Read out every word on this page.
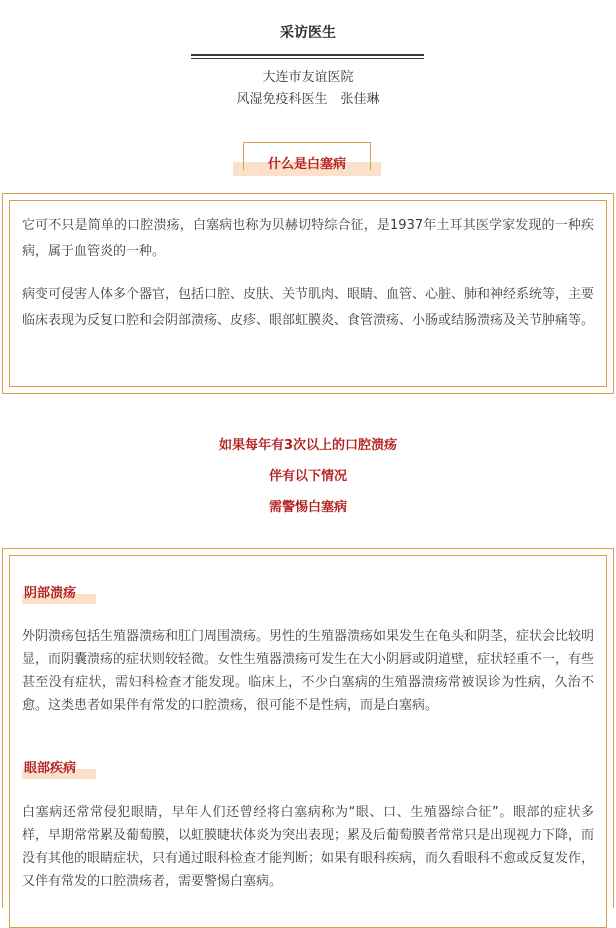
采访医生
大连市友谊医院
风湿免疫科医生　张佳琳
什么是白塞病

它可不只是简单的口腔溃疡，白塞病也称为贝赫切特综合征，是1937年土耳其医学家发现的一种疾病，属于血管炎的一种。

病变可侵害人体多个器官，包括口腔、皮肤、关节肌肉、眼睛、血管、心脏、肺和神经系统等，主要临床表现为反复口腔和会阴部溃疡、皮疹、眼部虹膜炎、食管溃疡、小肠或结肠溃疡及关节肿痛等。

如果每年有3次以上的口腔溃疡
伴有以下情况
需警惕白塞病
阴部溃疡

外阴溃疡包括生殖器溃疡和肛门周围溃疡。男性的生殖器溃疡如果发生在龟头和阴茎，症状会比较明显，而阴囊溃疡的症状则较轻微。女性生殖器溃疡可发生在大小阴唇或阴道壁，症状轻重不一，有些甚至没有症状，需妇科检查才能发现。临床上，不少白塞病的生殖器溃疡常被误诊为性病，久治不愈。这类患者如果伴有常发的口腔溃疡，很可能不是性病，而是白塞病。

眼部疾病

白塞病还常常侵犯眼睛，早年人们还曾经将白塞病称为“眼、口、生殖器综合征”。眼部的症状多样，早期常常累及葡萄膜，以虹膜睫状体炎为突出表现；累及后葡萄膜者常常只是出现视力下降，而没有其他的眼睛症状，只有通过眼科检查才能判断；如果有眼科疾病，而久看眼科不愈或反复发作，又伴有常发的口腔溃疡者，需要警惕白塞病。
